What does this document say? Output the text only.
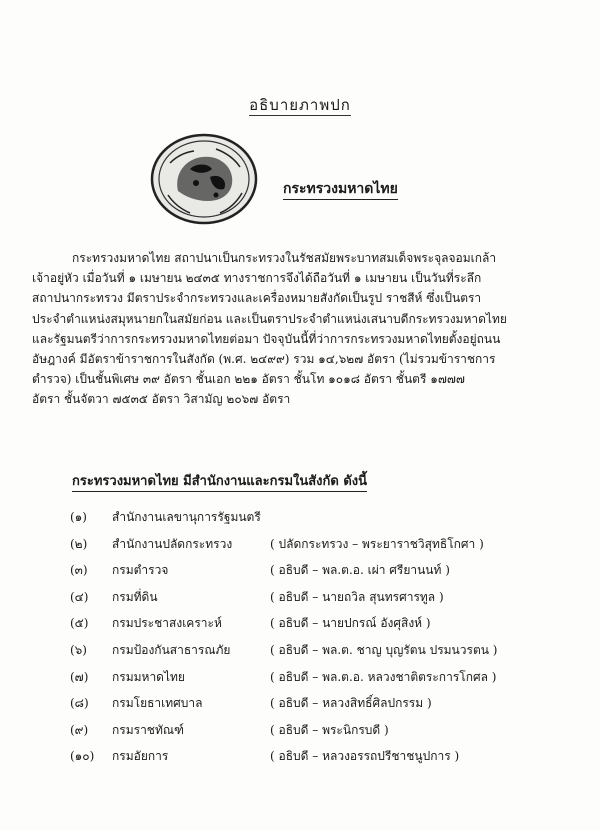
อธิบายภาพปก
กระทรวงมหาดไทย
กระทรวงมหาดไทย สถาปนาเป็นกระทรวงในรัชสมัยพระบาทสมเด็จพระจุลจอมเกล้า
เจ้าอยู่หัว เมื่อวันที่ ๑ เมษายน ๒๔๓๕ ทางราชการจึงได้ถือวันที่ ๑ เมษายน เป็นวันที่ระลึก
สถาปนากระทรวง มีตราประจำกระทรวงและเครื่องหมายสังกัดเป็นรูป ราชสีห์ ซึ่งเป็นตรา
ประจำตำแหน่งสมุหนายกในสมัยก่อน และเป็นตราประจำตำแหน่งเสนาบดีกระทรวงมหาดไทย
และรัฐมนตรีว่าการกระทรวงมหาดไทยต่อมา ปัจจุบันนี้ที่ว่าการกระทรวงมหาดไทยตั้งอยู่ถนน
อัษฎางค์ มีอัตราข้าราชการในสังกัด (พ.ศ. ๒๔๙๙) รวม ๑๔,๖๒๗ อัตรา (ไม่รวมข้าราชการ
ตำรวจ) เป็นชั้นพิเศษ ๓๙ อัตรา ชั้นเอก ๒๒๑ อัตรา ชั้นโท ๑๐๑๘ อัตรา ชั้นตรี ๑๗๗๗
อัตรา ชั้นจัตวา ๗๕๓๕ อัตรา วิสามัญ ๒๐๖๗ อัตรา
กระทรวงมหาดไทย มีสำนักงานและกรมในสังกัด ดังนี้
(๑)	สำนักงานเลขานุการรัฐมนตรี
(๒)	สำนักงานปลัดกระทรวง	( ปลัดกระทรวง – พระยาราชวิสุทธิโกศา )
(๓)	กรมตำรวจ	( อธิบดี – พล.ต.อ. เผ่า ศรียานนท์ )
(๔)	กรมที่ดิน	( อธิบดี – นายถวิล สุนทรศารทูล )
(๕)	กรมประชาสงเคราะห์	( อธิบดี – นายปกรณ์ อังศุสิงห์ )
(๖)	กรมป้องกันสาธารณภัย	( อธิบดี – พล.ต. ชาญ บุญรัตน ปรมนวรตน )
(๗)	กรมมหาดไทย	( อธิบดี – พล.ต.อ. หลวงชาติตระการโกศล )
(๘)	กรมโยธาเทศบาล	( อธิบดี – หลวงสิทธิ์ศิลปกรรม )
(๙)	กรมราชทัณฑ์	( อธิบดี – พระนิกรบดี )
(๑๐)	กรมอัยการ	( อธิบดี – หลวงอรรถปรีชาชนูปการ )
